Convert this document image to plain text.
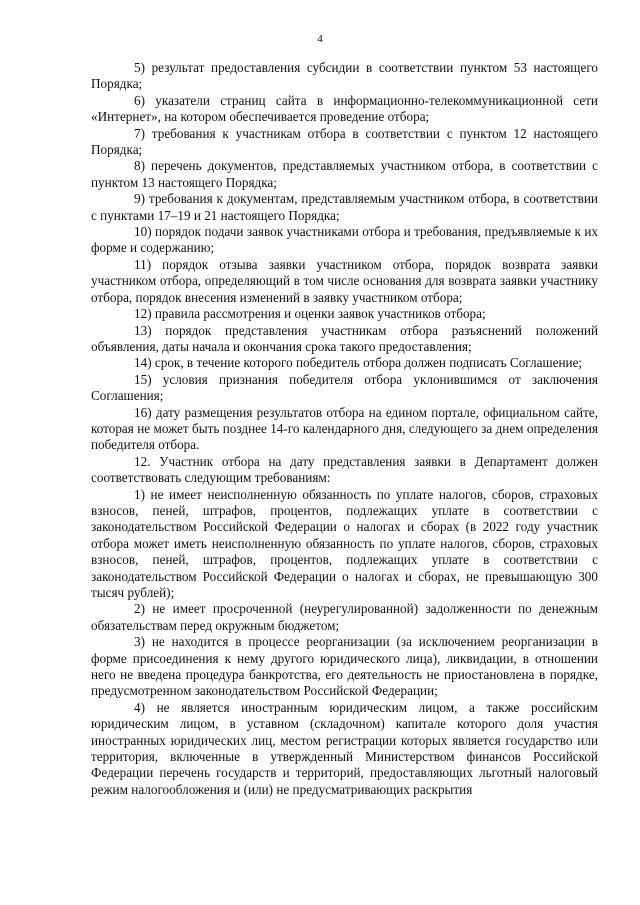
4

5) результат предоставления субсидии в соответствии пунктом 53 настоящего Порядка;

6) указатели страниц сайта в информационно-телекоммуникационной сети «Интернет», на котором обеспечивается проведение отбора;

7) требования к участникам отбора в соответствии с пунктом 12 настоящего Порядка;

8) перечень документов, представляемых участником отбора, в соответствии с пунктом 13 настоящего Порядка;

9) требования к документам, представляемым участником отбора, в соответствии с пунктами 17–19 и 21 настоящего Порядка;

10) порядок подачи заявок участниками отбора и требования, предъявляемые к их форме и содержанию;

11) порядок отзыва заявки участником отбора, порядок возврата заявки участником отбора, определяющий в том числе основания для возврата заявки участнику отбора, порядок внесения изменений в заявку участником отбора;

12) правила рассмотрения и оценки заявок участников отбора;

13) порядок представления участникам отбора разъяснений положений объявления, даты начала и окончания срока такого предоставления;

14) срок, в течение которого победитель отбора должен подписать Соглашение;

15) условия признания победителя отбора уклонившимся от заключения Соглашения;

16) дату размещения результатов отбора на едином портале, официальном сайте, которая не может быть позднее 14-го календарного дня, следующего за днем определения победителя отбора.

12. Участник отбора на дату представления заявки в Департамент должен соответствовать следующим требованиям:

1) не имеет неисполненную обязанность по уплате налогов, сборов, страховых взносов, пеней, штрафов, процентов, подлежащих уплате в соответствии с законодательством Российской Федерации о налогах и сборах (в 2022 году участник отбора может иметь неисполненную обязанность по уплате налогов, сборов, страховых взносов, пеней, штрафов, процентов, подлежащих уплате в соответствии с законодательством Российской Федерации о налогах и сборах, не превышающую 300 тысяч рублей);

2) не имеет просроченной (неурегулированной) задолженности по денежным обязательствам перед окружным бюджетом;

3) не находится в процессе реорганизации (за исключением реорганизации в форме присоединения к нему другого юридического лица), ликвидации, в отношении него не введена процедура банкротства, его деятельность не приостановлена в порядке, предусмотренном законодательством Российской Федерации;

4) не является иностранным юридическим лицом, а также российским юридическим лицом, в уставном (складочном) капитале которого доля участия иностранных юридических лиц, местом регистрации которых является государство или территория, включенные в утвержденный Министерством финансов Российской Федерации перечень государств и территорий, предоставляющих льготный налоговый режим налогообложения и (или) не предусматривающих раскрытия
